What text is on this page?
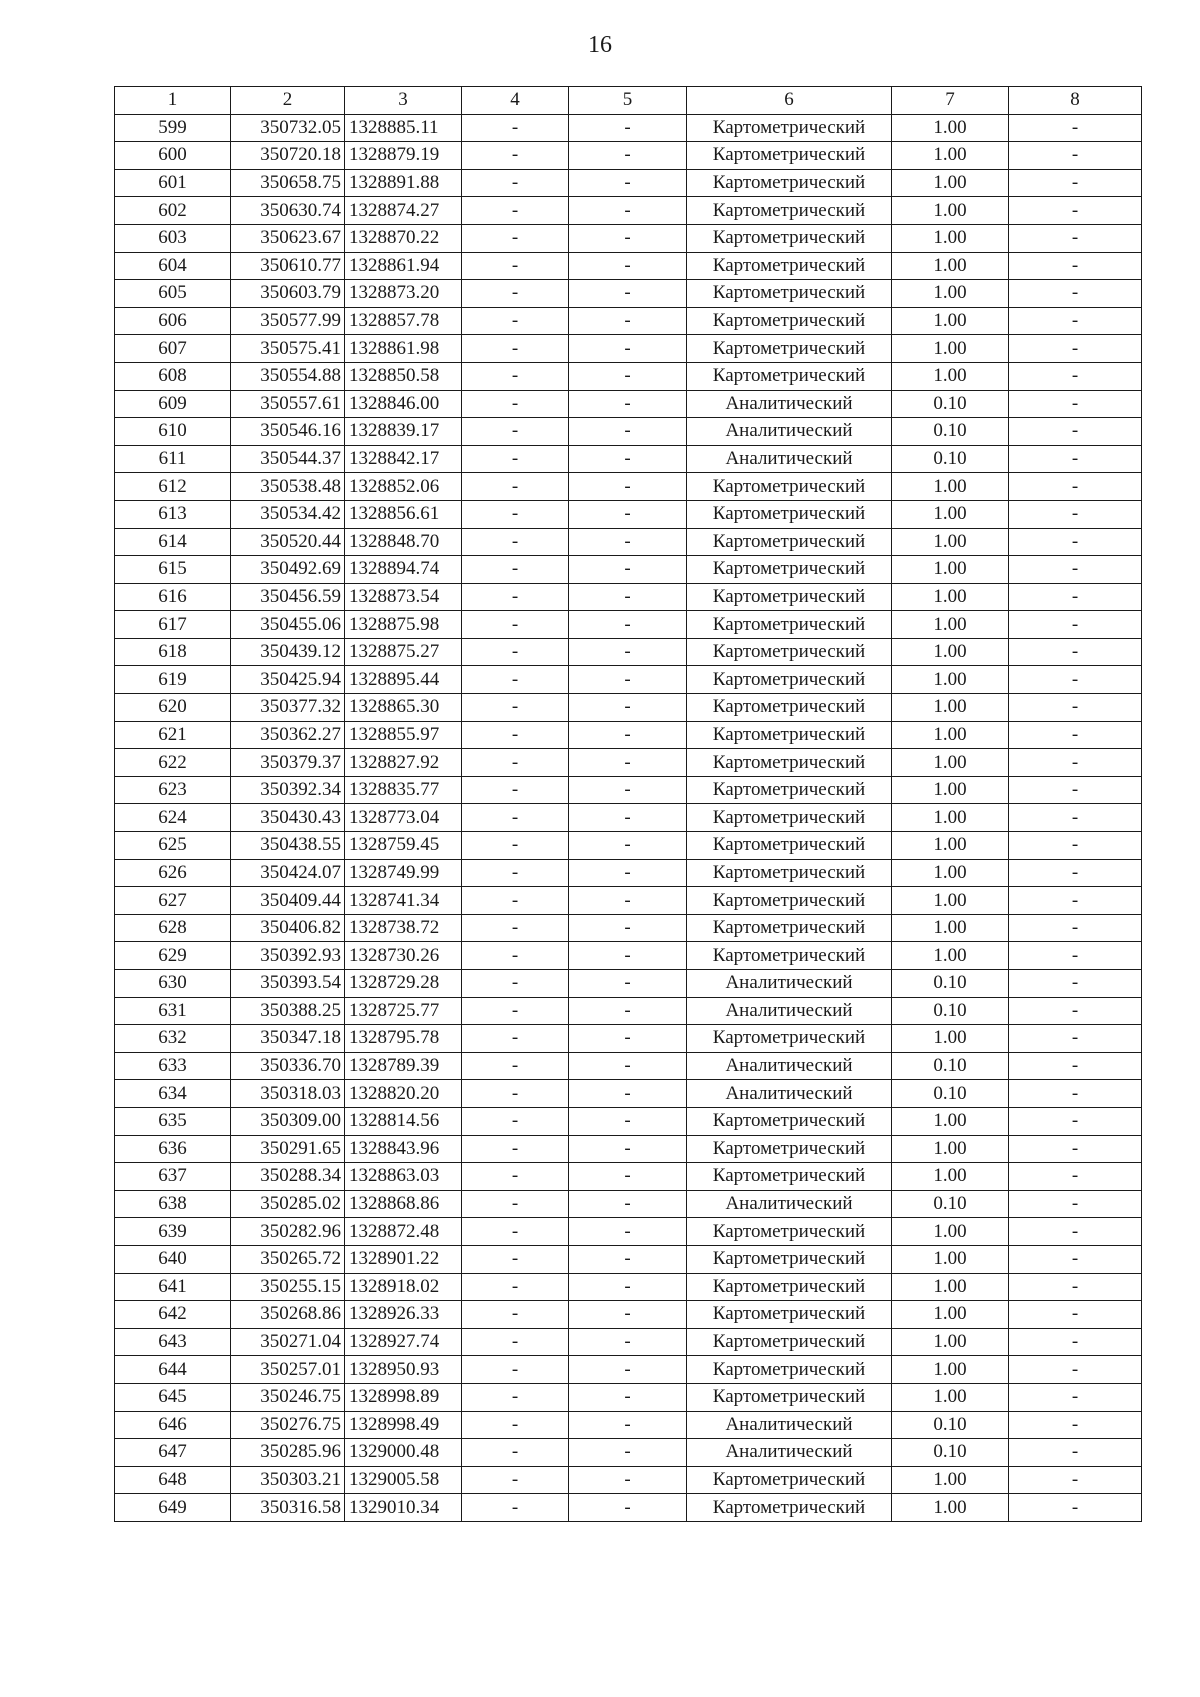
16
1	2	3	4	5	6	7	8
599	350732.05	1328885.11	-	-	Картометрический	1.00	-
600	350720.18	1328879.19	-	-	Картометрический	1.00	-
601	350658.75	1328891.88	-	-	Картометрический	1.00	-
602	350630.74	1328874.27	-	-	Картометрический	1.00	-
603	350623.67	1328870.22	-	-	Картометрический	1.00	-
604	350610.77	1328861.94	-	-	Картометрический	1.00	-
605	350603.79	1328873.20	-	-	Картометрический	1.00	-
606	350577.99	1328857.78	-	-	Картометрический	1.00	-
607	350575.41	1328861.98	-	-	Картометрический	1.00	-
608	350554.88	1328850.58	-	-	Картометрический	1.00	-
609	350557.61	1328846.00	-	-	Аналитический	0.10	-
610	350546.16	1328839.17	-	-	Аналитический	0.10	-
611	350544.37	1328842.17	-	-	Аналитический	0.10	-
612	350538.48	1328852.06	-	-	Картометрический	1.00	-
613	350534.42	1328856.61	-	-	Картометрический	1.00	-
614	350520.44	1328848.70	-	-	Картометрический	1.00	-
615	350492.69	1328894.74	-	-	Картометрический	1.00	-
616	350456.59	1328873.54	-	-	Картометрический	1.00	-
617	350455.06	1328875.98	-	-	Картометрический	1.00	-
618	350439.12	1328875.27	-	-	Картометрический	1.00	-
619	350425.94	1328895.44	-	-	Картометрический	1.00	-
620	350377.32	1328865.30	-	-	Картометрический	1.00	-
621	350362.27	1328855.97	-	-	Картометрический	1.00	-
622	350379.37	1328827.92	-	-	Картометрический	1.00	-
623	350392.34	1328835.77	-	-	Картометрический	1.00	-
624	350430.43	1328773.04	-	-	Картометрический	1.00	-
625	350438.55	1328759.45	-	-	Картометрический	1.00	-
626	350424.07	1328749.99	-	-	Картометрический	1.00	-
627	350409.44	1328741.34	-	-	Картометрический	1.00	-
628	350406.82	1328738.72	-	-	Картометрический	1.00	-
629	350392.93	1328730.26	-	-	Картометрический	1.00	-
630	350393.54	1328729.28	-	-	Аналитический	0.10	-
631	350388.25	1328725.77	-	-	Аналитический	0.10	-
632	350347.18	1328795.78	-	-	Картометрический	1.00	-
633	350336.70	1328789.39	-	-	Аналитический	0.10	-
634	350318.03	1328820.20	-	-	Аналитический	0.10	-
635	350309.00	1328814.56	-	-	Картометрический	1.00	-
636	350291.65	1328843.96	-	-	Картометрический	1.00	-
637	350288.34	1328863.03	-	-	Картометрический	1.00	-
638	350285.02	1328868.86	-	-	Аналитический	0.10	-
639	350282.96	1328872.48	-	-	Картометрический	1.00	-
640	350265.72	1328901.22	-	-	Картометрический	1.00	-
641	350255.15	1328918.02	-	-	Картометрический	1.00	-
642	350268.86	1328926.33	-	-	Картометрический	1.00	-
643	350271.04	1328927.74	-	-	Картометрический	1.00	-
644	350257.01	1328950.93	-	-	Картометрический	1.00	-
645	350246.75	1328998.89	-	-	Картометрический	1.00	-
646	350276.75	1328998.49	-	-	Аналитический	0.10	-
647	350285.96	1329000.48	-	-	Аналитический	0.10	-
648	350303.21	1329005.58	-	-	Картометрический	1.00	-
649	350316.58	1329010.34	-	-	Картометрический	1.00	-
